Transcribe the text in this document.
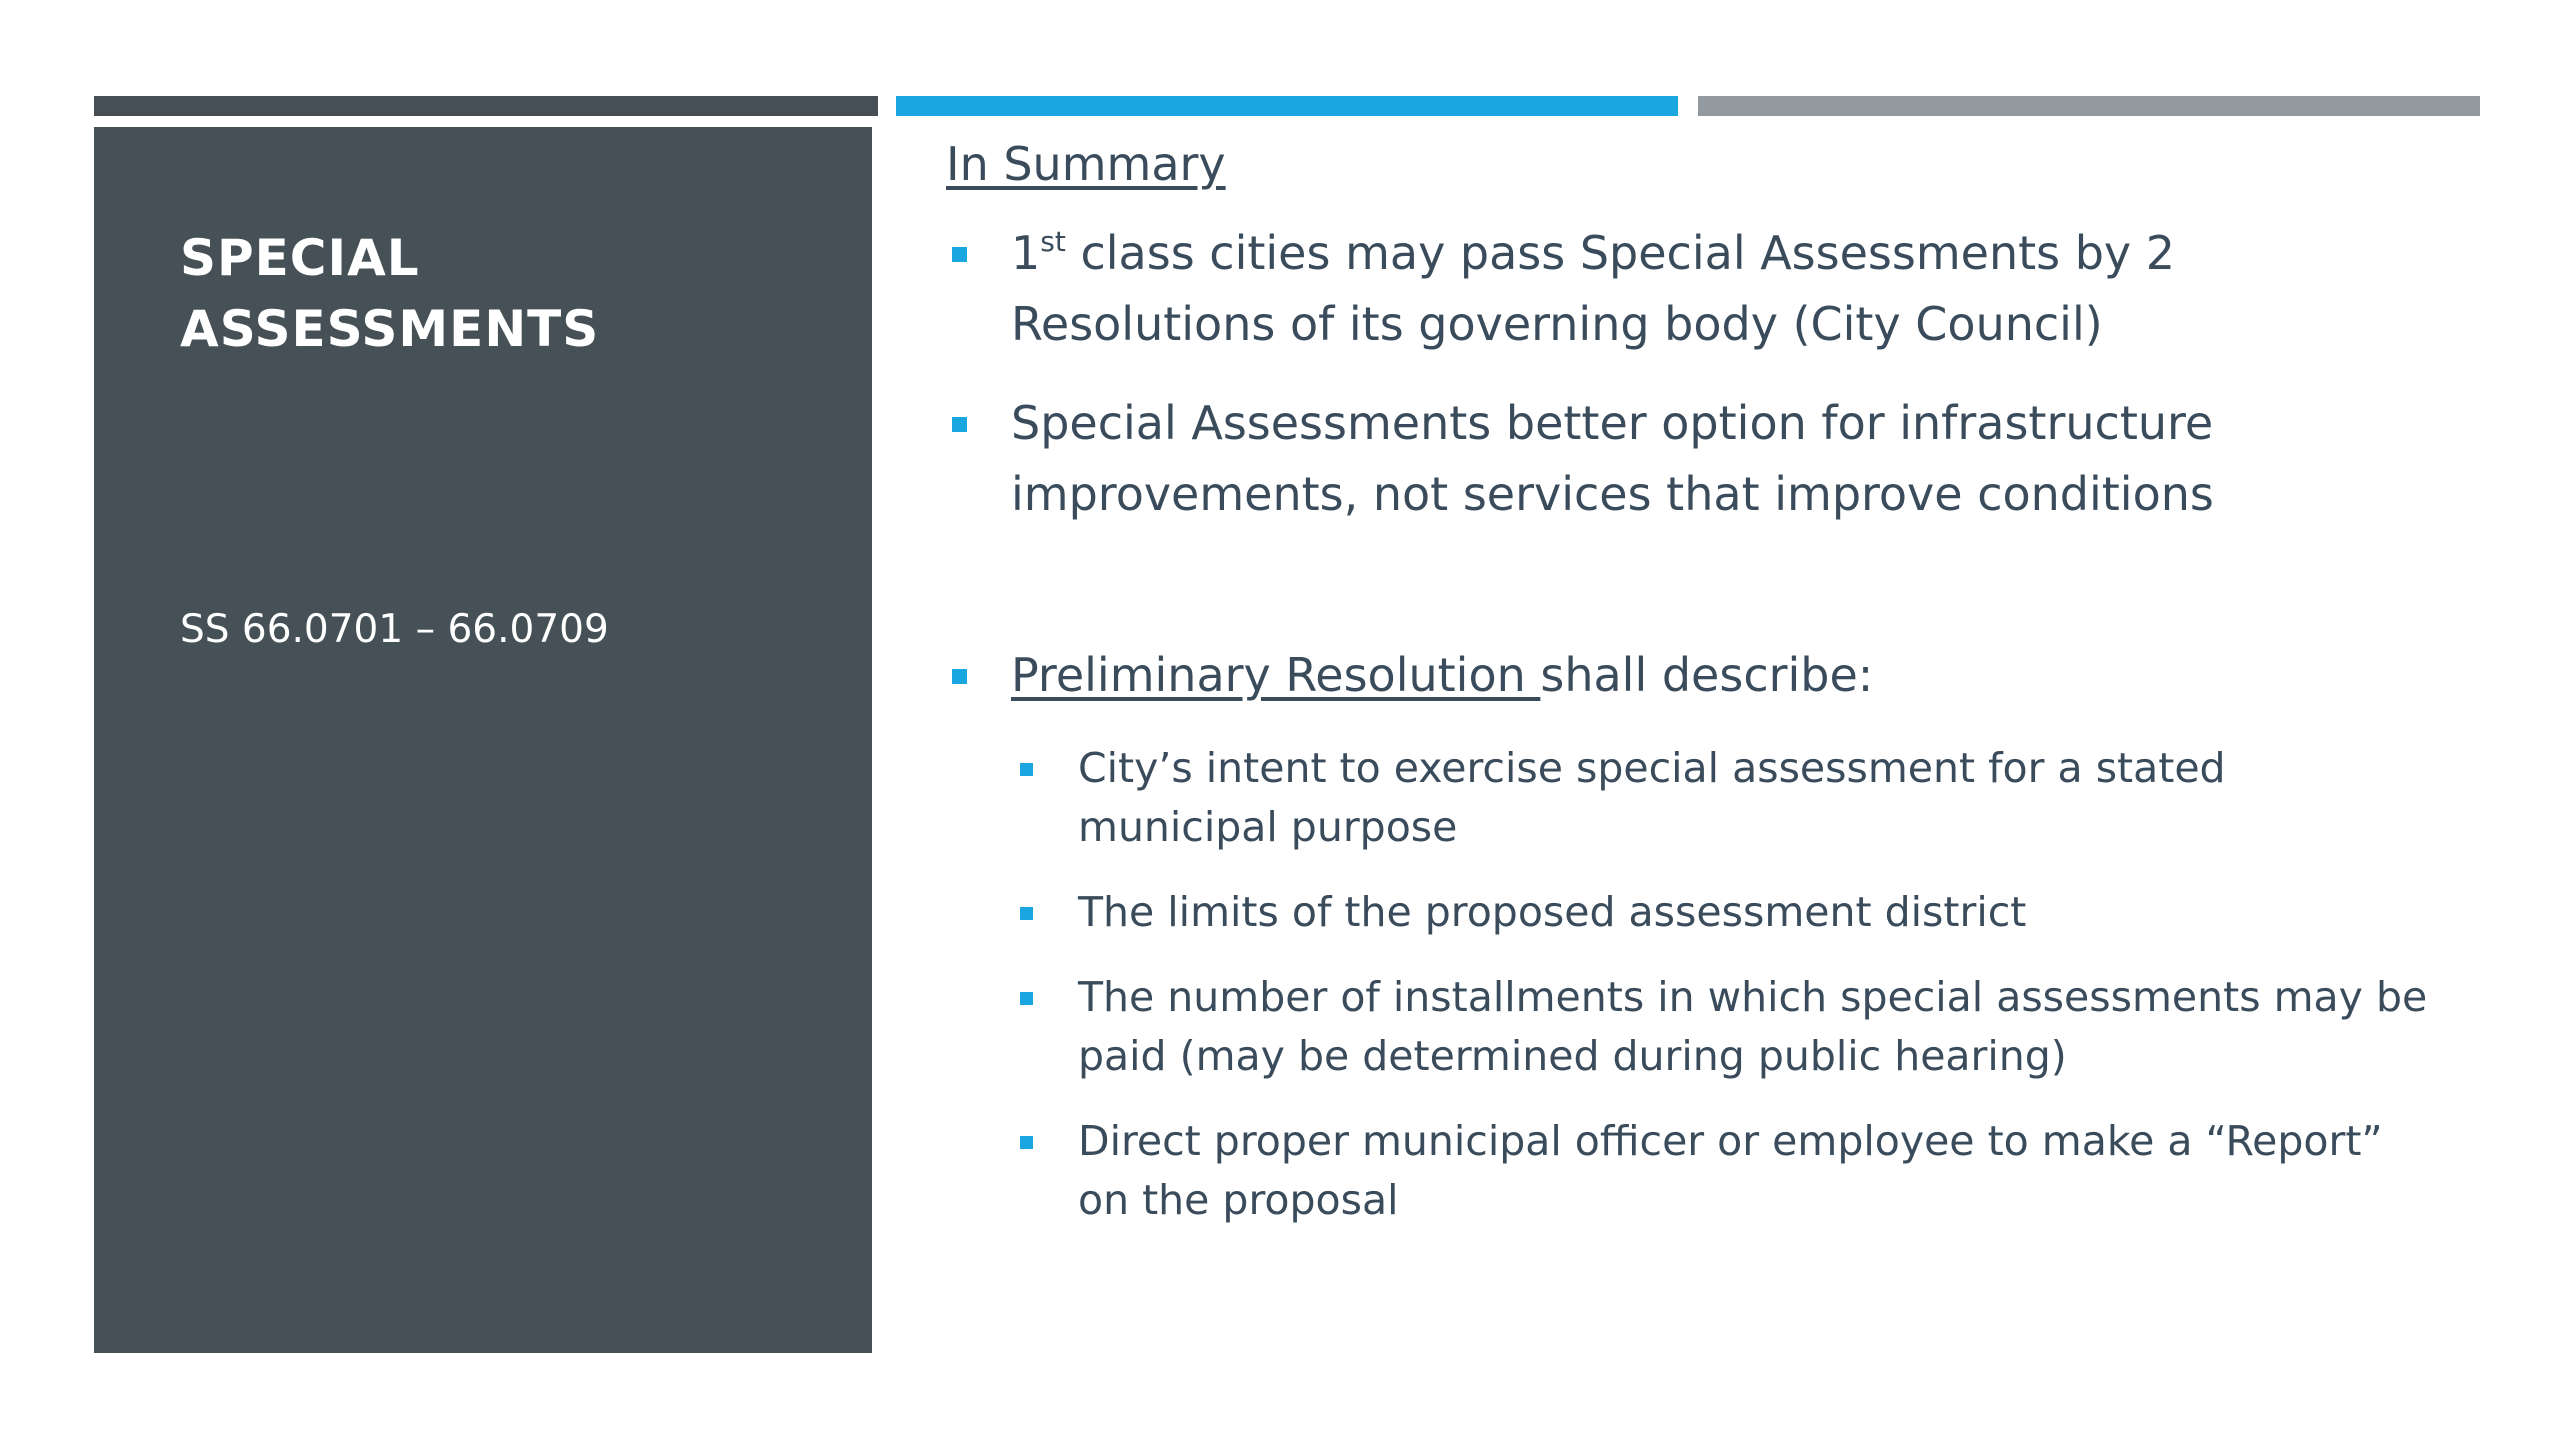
SPECIAL
ASSESSMENTS

SS 66.0701 – 66.0709

In Summary
1st class cities may pass Special Assessments by 2 Resolutions of its governing body (City Council)
Special Assessments better option for infrastructure improvements, not services that improve conditions
Preliminary Resolution shall describe:
City’s intent to exercise special assessment for a stated municipal purpose
The limits of the proposed assessment district
The number of installments in which special assessments may be paid (may be determined during public hearing)
Direct proper municipal officer or employee to make a “Report” on the proposal
